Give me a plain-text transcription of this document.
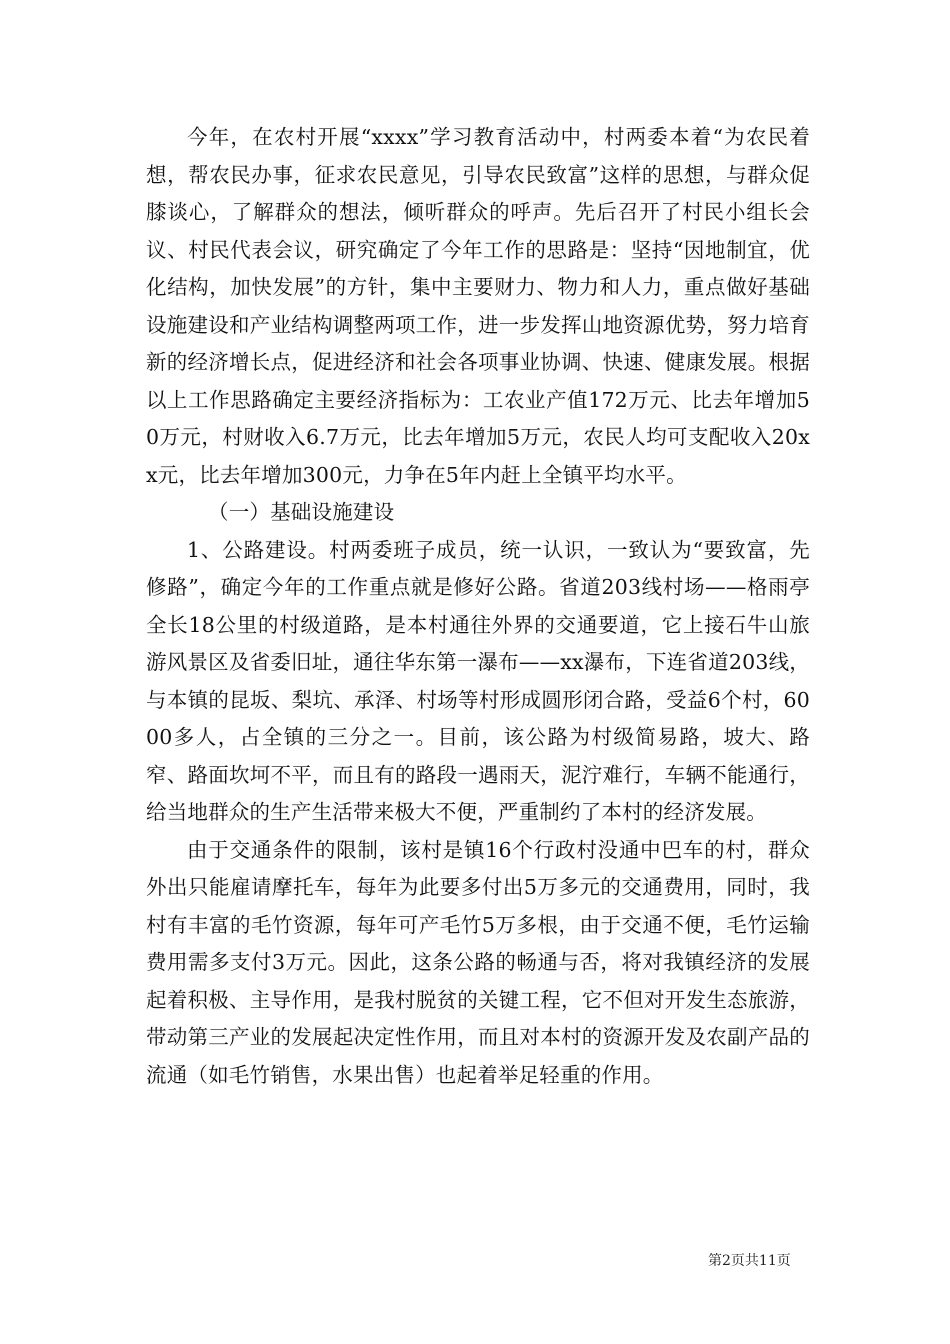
今年，在农村开展“xxxx”学习教育活动中，村两委本着“为农民着想，帮农民办事，征求农民意见，引导农民致富”这样的思想，与群众促膝谈心，了解群众的想法，倾听群众的呼声。先后召开了村民小组长会议、村民代表会议，研究确定了今年工作的思路是：坚持“因地制宜，优化结构，加快发展”的方针，集中主要财力、物力和人力，重点做好基础设施建设和产业结构调整两项工作，进一步发挥山地资源优势，努力培育新的经济增长点，促进经济和社会各项事业协调、快速、健康发展。根据以上工作思路确定主要经济指标为：工农业产值172万元、比去年增加50万元，村财收入6.7万元，比去年增加5万元，农民人均可支配收入20xx元，比去年增加300元，力争在5年内赶上全镇平均水平。

（一）基础设施建设

1、公路建设。村两委班子成员，统一认识，一致认为“要致富，先修路”，确定今年的工作重点就是修好公路。省道203线村场——格雨亭全长18公里的村级道路，是本村通往外界的交通要道，它上接石牛山旅游风景区及省委旧址，通往华东第一瀑布——xx瀑布，下连省道203线，与本镇的昆坂、梨坑、承泽、村场等村形成圆形闭合路，受益6个村，6000多人，占全镇的三分之一。目前，该公路为村级简易路，坡大、路窄、路面坎坷不平，而且有的路段一遇雨天，泥泞难行，车辆不能通行，给当地群众的生产生活带来极大不便，严重制约了本村的经济发展。

由于交通条件的限制，该村是镇16个行政村没通中巴车的村，群众外出只能雇请摩托车，每年为此要多付出5万多元的交通费用，同时，我村有丰富的毛竹资源，每年可产毛竹5万多根，由于交通不便，毛竹运输费用需多支付3万元。因此，这条公路的畅通与否，将对我镇经济的发展起着积极、主导作用，是我村脱贫的关键工程，它不但对开发生态旅游，带动第三产业的发展起决定性作用，而且对本村的资源开发及农副产品的流通（如毛竹销售，水果出售）也起着举足轻重的作用。

第2页共11页
